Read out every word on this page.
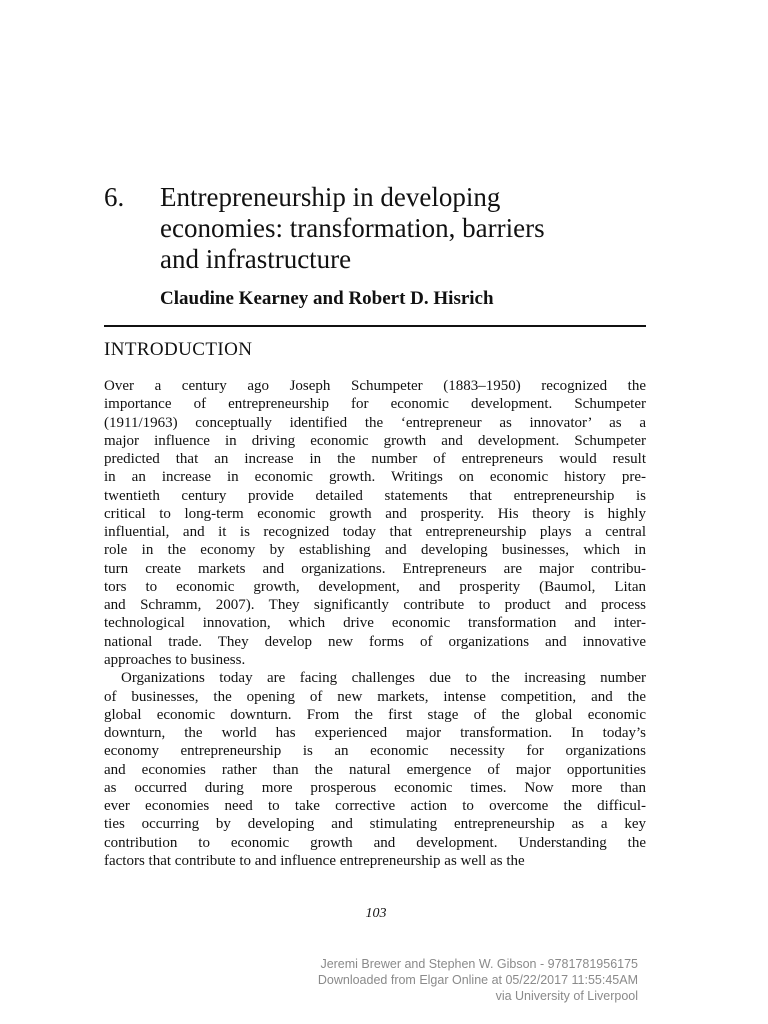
6. Entrepreneurship in developing
economies: transformation, barriers
and infrastructure
Claudine Kearney and Robert D. Hisrich
INTRODUCTION
Over a century ago Joseph Schumpeter (1883–1950) recognized the
importance of entrepreneurship for economic development. Schumpeter
(1911/1963) conceptually identified the ‘entrepreneur as innovator’ as a
major influence in driving economic growth and development. Schumpeter
predicted that an increase in the number of entrepreneurs would result
in an increase in economic growth. Writings on economic history pre-
twentieth century provide detailed statements that entrepreneurship is
critical to long-term economic growth and prosperity. His theory is highly
influential, and it is recognized today that entrepreneurship plays a central
role in the economy by establishing and developing businesses, which in
turn create markets and organizations. Entrepreneurs are major contribu-
tors to economic growth, development, and prosperity (Baumol, Litan
and Schramm, 2007). They significantly contribute to product and process
technological innovation, which drive economic transformation and inter-
national trade. They develop new forms of organizations and innovative
approaches to business.
Organizations today are facing challenges due to the increasing number
of businesses, the opening of new markets, intense competition, and the
global economic downturn. From the first stage of the global economic
downturn, the world has experienced major transformation. In today’s
economy entrepreneurship is an economic necessity for organizations
and economies rather than the natural emergence of major opportunities
as occurred during more prosperous economic times. Now more than
ever economies need to take corrective action to overcome the difficul-
ties occurring by developing and stimulating entrepreneurship as a key
contribution to economic growth and development. Understanding the
factors that contribute to and influence entrepreneurship as well as the
103
Jeremi Brewer and Stephen W. Gibson - 9781781956175
Downloaded from Elgar Online at 05/22/2017 11:55:45AM
via University of Liverpool
